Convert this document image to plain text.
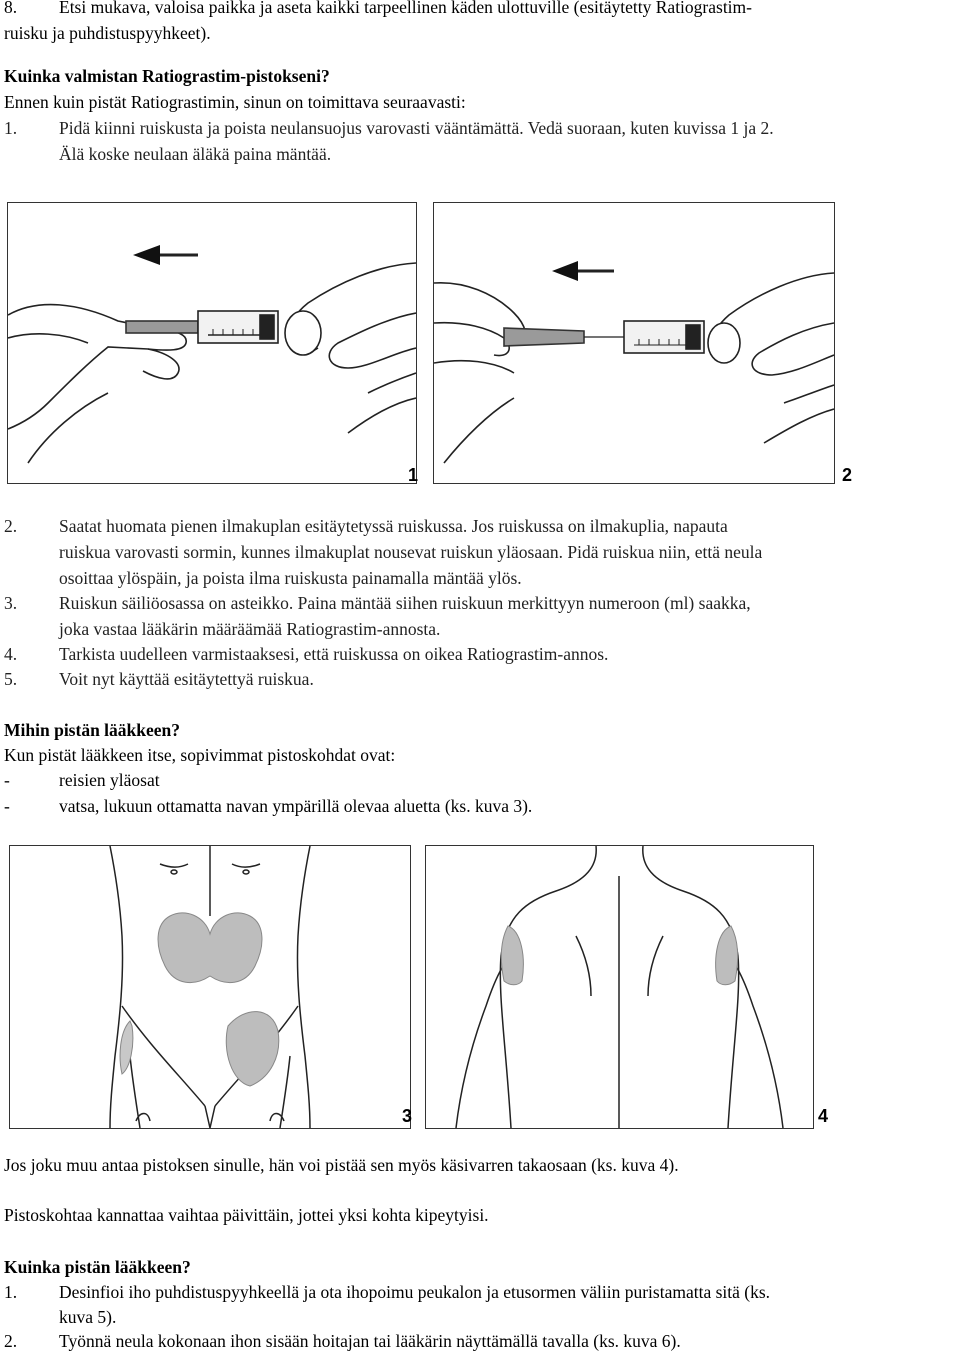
8. Etsi mukava, valoisa paikka ja aseta kaikki tarpeellinen käden ulottuville (esitäytetty Ratiograstim-
ruisku ja puhdistuspyyhkeet).
Kuinka valmistan Ratiograstim-pistokseni?
Ennen kuin pistät Ratiograstimin, sinun on toimittava seuraavasti:
1. Pidä kiinni ruiskusta ja poista neulansuojus varovasti vääntämättä. Vedä suoraan, kuten kuvissa 1 ja 2.
Älä koske neulaan äläkä paina mäntää.
1	2
2. Saatat huomata pienen ilmakuplan esitäytetyssä ruiskussa. Jos ruiskussa on ilmakuplia, napauta
ruiskua varovasti sormin, kunnes ilmakuplat nousevat ruiskun yläosaan. Pidä ruiskua niin, että neula
osoittaa ylöspäin, ja poista ilma ruiskusta painamalla mäntää ylös.
3. Ruiskun säiliöosassa on asteikko. Paina mäntää siihen ruiskuun merkittyyn numeroon (ml) saakka,
joka vastaa lääkärin määräämää Ratiograstim-annosta.
4. Tarkista uudelleen varmistaaksesi, että ruiskussa on oikea Ratiograstim-annos.
5. Voit nyt käyttää esitäytettyä ruiskua.
Mihin pistän lääkkeen?
Kun pistät lääkkeen itse, sopivimmat pistoskohdat ovat:
-	reisien yläosat
-	vatsa, lukuun ottamatta navan ympärillä olevaa aluetta (ks. kuva 3).
3	4
Jos joku muu antaa pistoksen sinulle, hän voi pistää sen myös käsivarren takaosaan (ks. kuva 4).
Pistoskohtaa kannattaa vaihtaa päivittäin, jottei yksi kohta kipeytyisi.
Kuinka pistän lääkkeen?
1. Desinfioi iho puhdistuspyyhkeellä ja ota ihopoimu peukalon ja etusormen väliin puristamatta sitä (ks.
kuva 5).
2. Työnnä neula kokonaan ihon sisään hoitajan tai lääkärin näyttämällä tavalla (ks. kuva 6).
